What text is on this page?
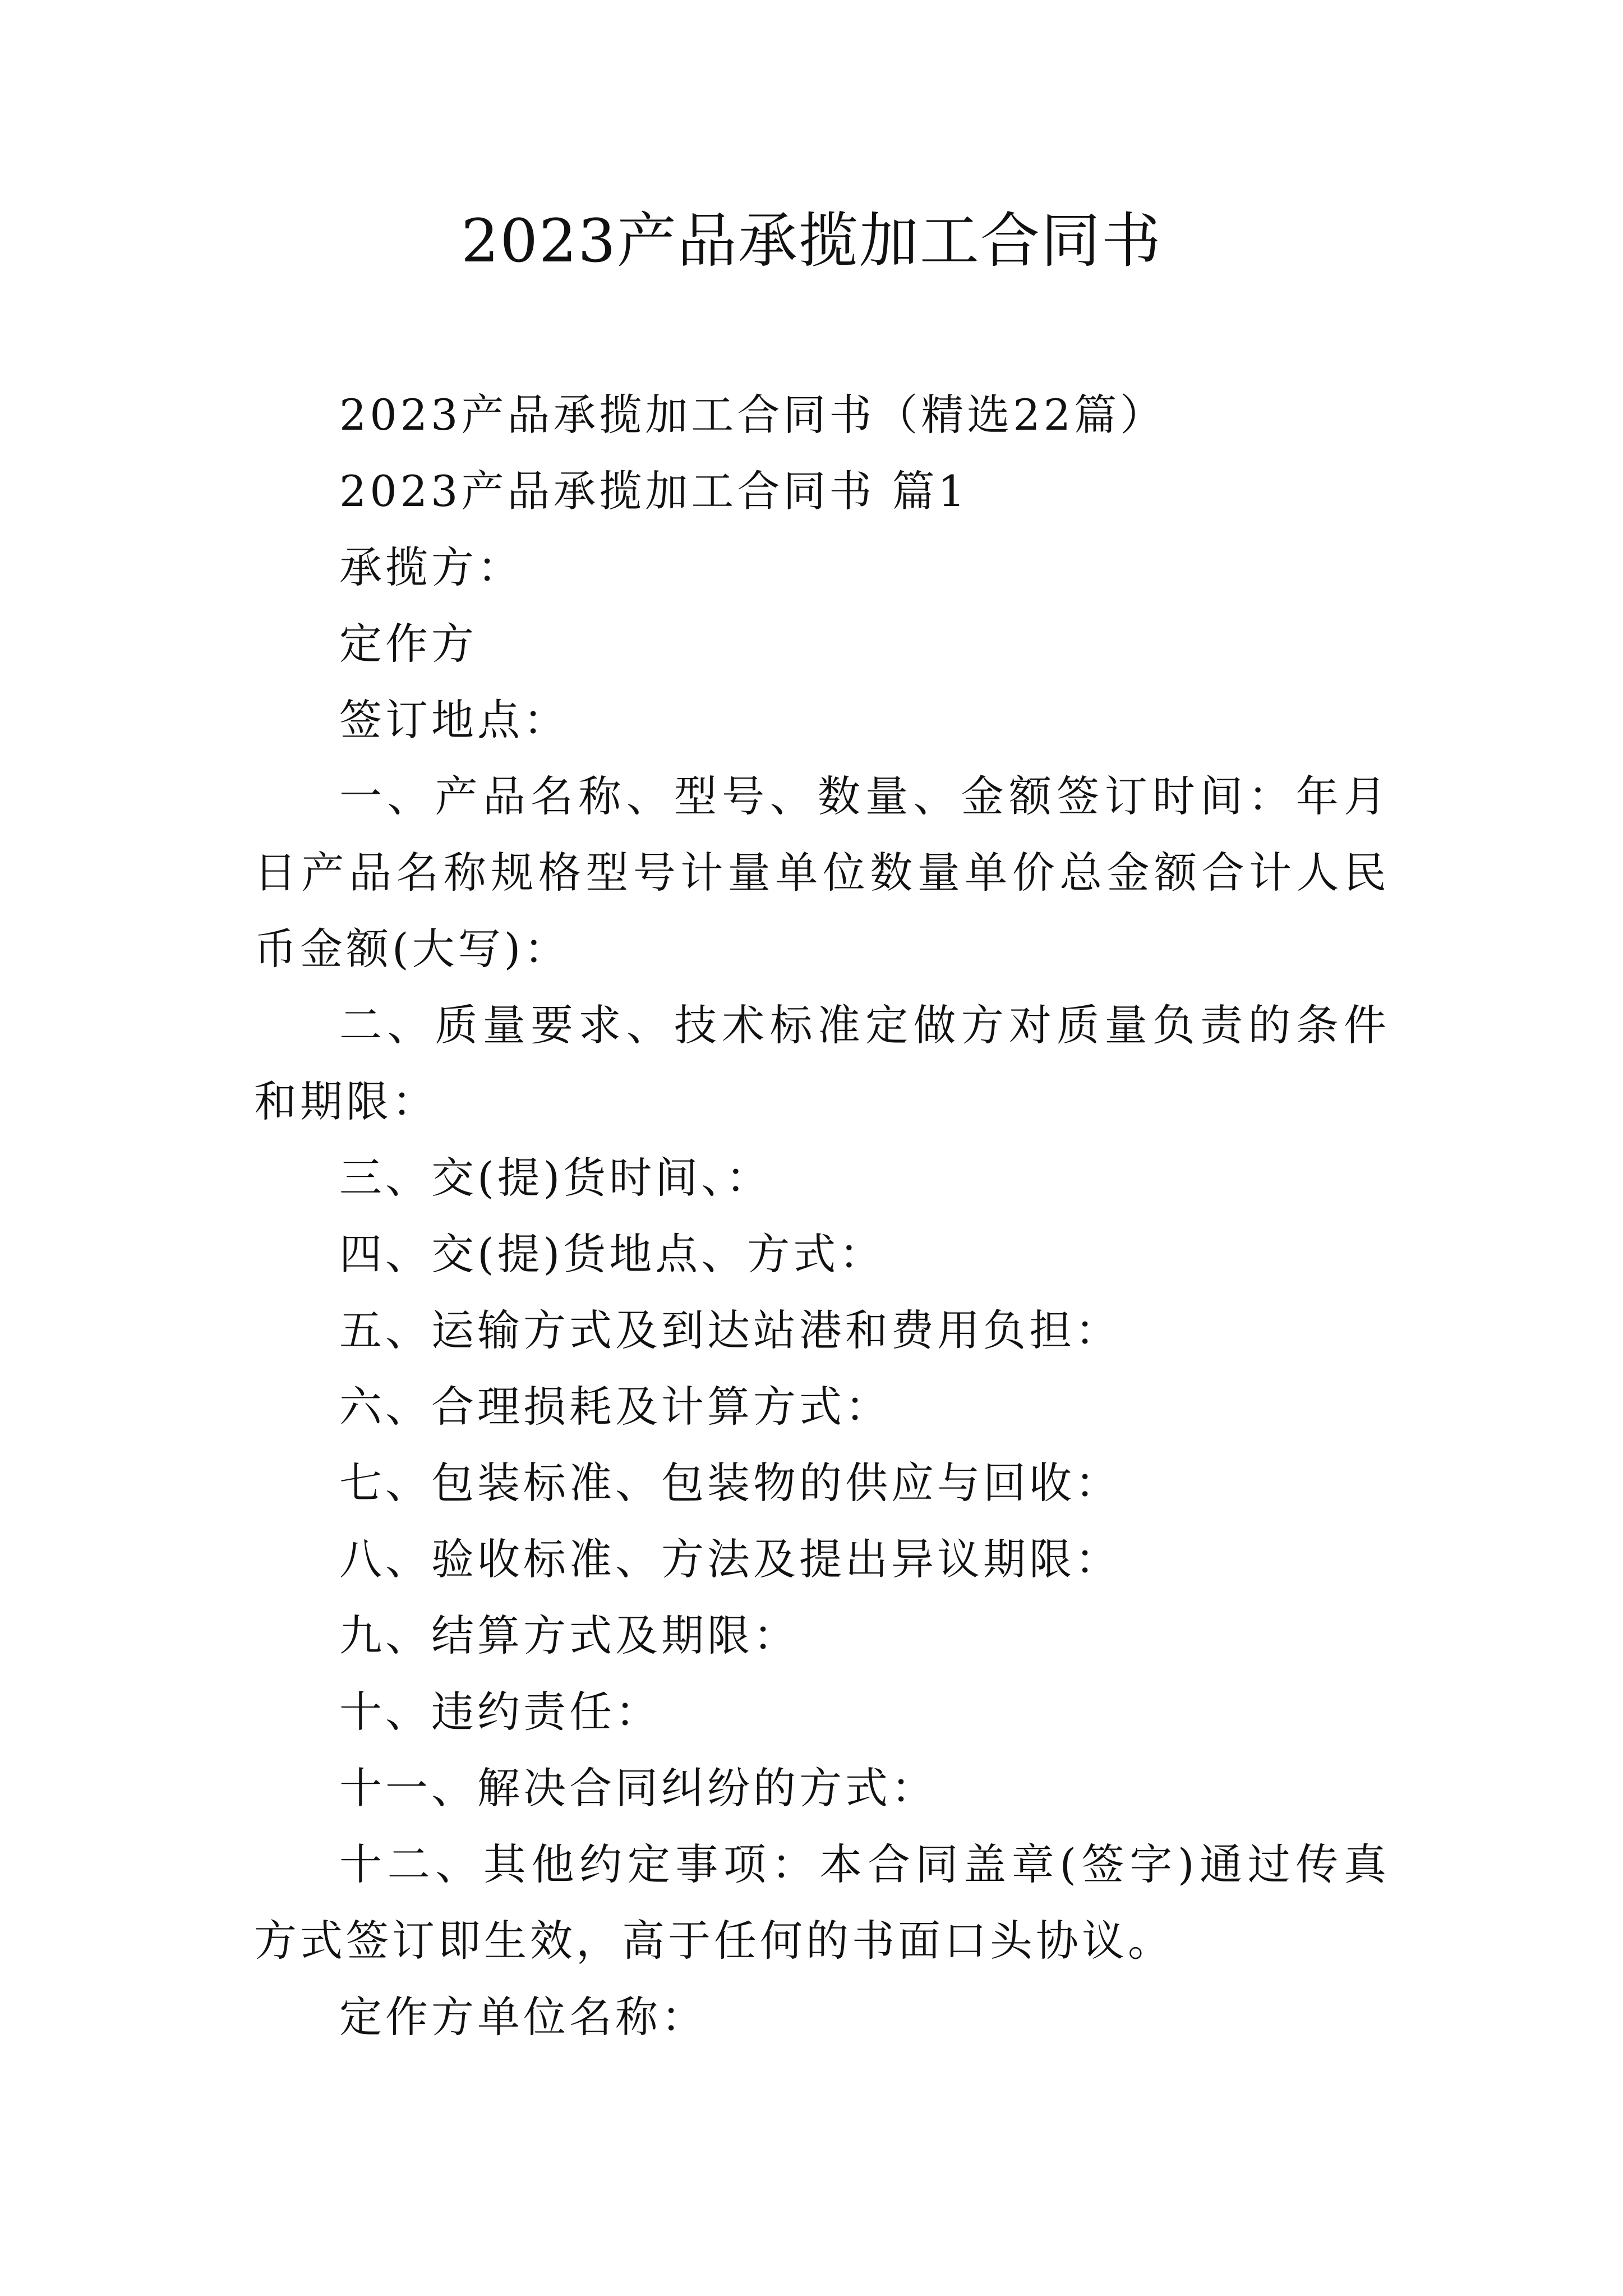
2023产品承揽加工合同书

2023产品承揽加工合同书（精选22篇）

2023产品承揽加工合同书 篇1

承揽方：

定作方

签订地点：

一、产品名称、型号、数量、金额签订时间：年月日产品名称规格型号计量单位数量单价总金额合计人民币金额(大写)：

二、质量要求、技术标准定做方对质量负责的条件和期限：

三、交(提)货时间、：

四、交(提)货地点、方式：

五、运输方式及到达站港和费用负担：

六、合理损耗及计算方式：

七、包装标准、包装物的供应与回收：

八、验收标准、方法及提出异议期限：

九、结算方式及期限：

十、违约责任：

十一、解决合同纠纷的方式：

十二、其他约定事项：本合同盖章(签字)通过传真方式签订即生效，高于任何的书面口头协议。

定作方单位名称：
